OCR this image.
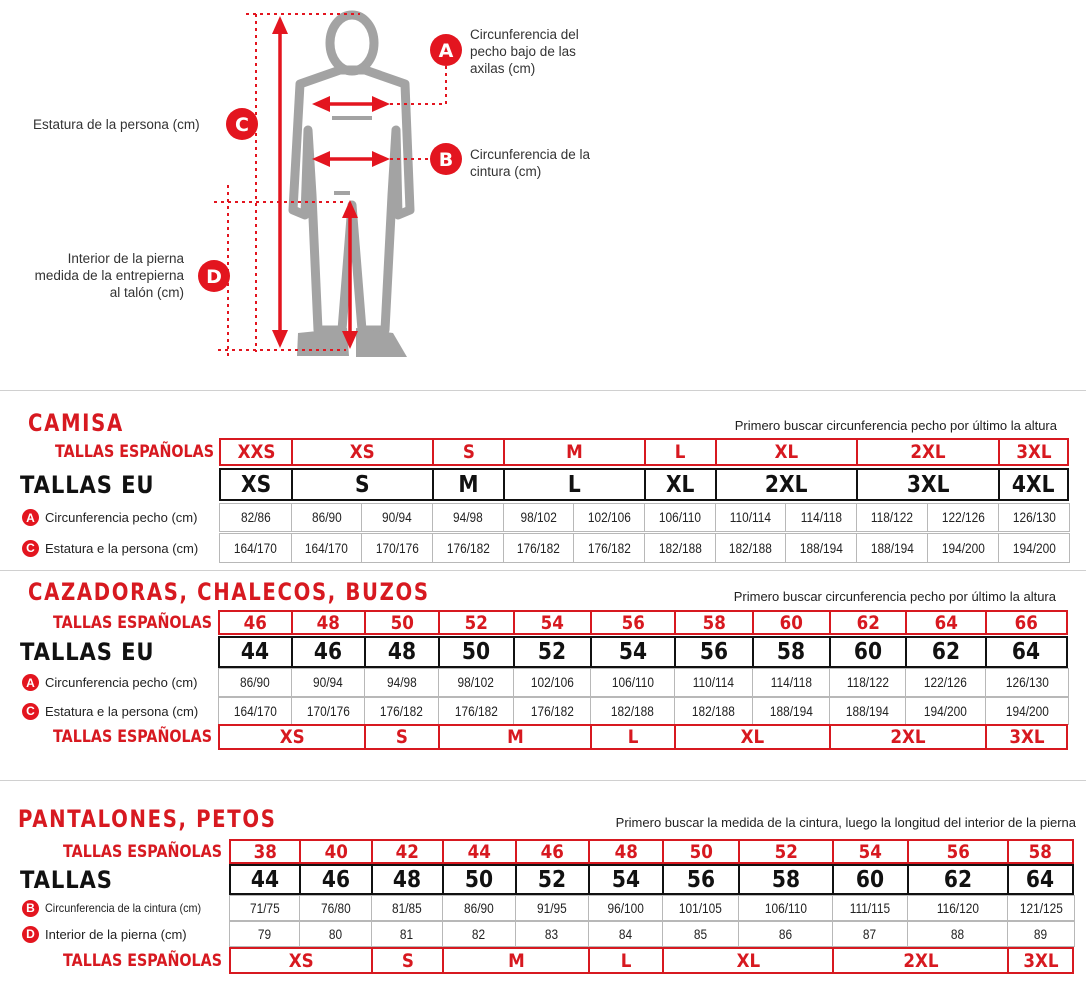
A
B
C
D
Circunferencia del
pecho bajo de las
axilas (cm)
Circunferencia de la
cintura (cm)
Estatura de la persona (cm)
Interior de la pierna
medida de la entrepierna
al talón (cm)
CAMISA	Primero buscar circunferencia pecho por último la altura
TALLAS ESPAÑOLAS XXS	XS	S	M	L	XL	2XL	3XL
TALLAS EU	XS	S	M	L	XL	2XL	3XL	4XL
A Circunferencia pecho (cm)	82/86	86/90	90/94	94/98	98/102 102/106 106/110 110/114 114/118 118/122 122/126 126/130
C Estatura e la persona (cm)	164/170 164/170 170/176 176/182 176/182 176/182 182/188 182/188 188/194 188/194 194/200 194/200
CAZADORAS, CHALECOS, BUZOS	Primero buscar circunferencia pecho por último la altura
TALLAS ESPAÑOLAS 46	48	50	52	54	56	58	60	62	64	66
TALLAS EU	44 46 48 50 52 54 56 58 60 62 64
A Circunferencia pecho (cm)	86/90	90/94	94/98	98/102	102/106	106/110	110/114	114/118	118/122	122/126	126/130
C Estatura e la persona (cm)	164/170 170/176 176/182 176/182 176/182	182/188	182/188	188/194 188/194	194/200	194/200
TALLAS ESPAÑOLAS	XS	S	M	L	XL	2XL	3XL
PANTALONES, PETOS	Primero buscar la medida de la cintura, luego la longitud del interior de la pierna
TALLAS ESPAÑOLAS 38	40	42	44	46	48	50	52	54	56	58
TALLAS	44 46 48 50 52 54 56 58 60	62 64
B Circunferencia de la cintura (cm)	71/75	76/80	81/85	86/90	91/95	96/100	101/105	106/110	111/115	116/120	121/125
D Interior de la pierna (cm)	79	80	81	82	83	84	85	86	87	88	89
TALLAS ESPAÑOLAS	XS	S	M	L	XL	2XL	3XL
